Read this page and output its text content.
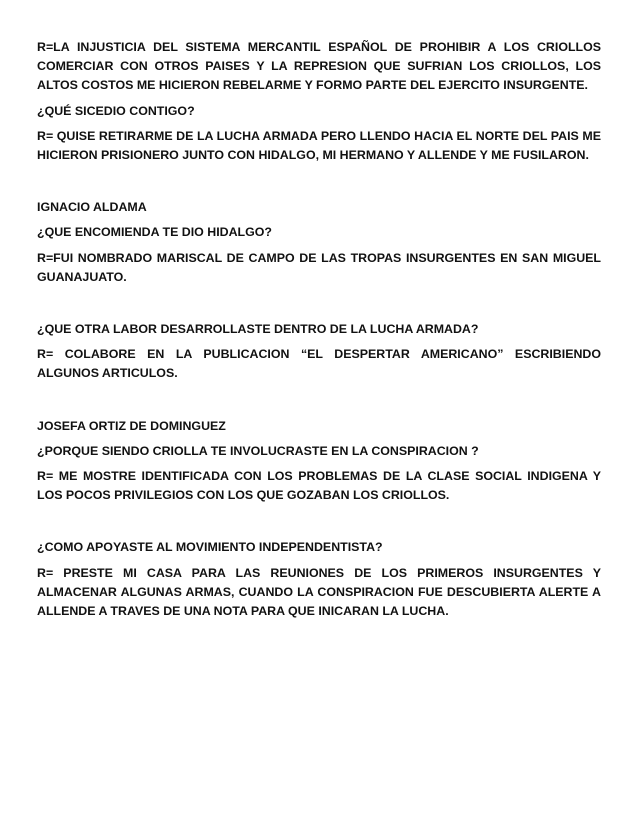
R=LA INJUSTICIA DEL SISTEMA MERCANTIL ESPAÑOL DE PROHIBIR A LOS CRIOLLOS COMERCIAR CON OTROS PAISES Y LA REPRESION QUE SUFRIAN LOS CRIOLLOS, LOS ALTOS COSTOS ME HICIERON REBELARME Y FORMO PARTE DEL EJERCITO INSURGENTE.

¿QUÉ SICEDIO CONTIGO?

R= QUISE RETIRARME DE LA LUCHA ARMADA PERO LLENDO HACIA EL NORTE DEL PAIS ME HICIERON PRISIONERO JUNTO CON HIDALGO, MI HERMANO Y ALLENDE Y ME FUSILARON.

IGNACIO ALDAMA

¿QUE ENCOMIENDA TE DIO HIDALGO?

R=FUI NOMBRADO MARISCAL DE CAMPO DE LAS TROPAS INSURGENTES EN SAN MIGUEL GUANAJUATO.

¿QUE OTRA LABOR DESARROLLASTE DENTRO DE LA LUCHA ARMADA?

R= COLABORE EN LA PUBLICACION “EL DESPERTAR AMERICANO” ESCRIBIENDO ALGUNOS ARTICULOS.

JOSEFA ORTIZ DE DOMINGUEZ

¿PORQUE SIENDO CRIOLLA TE INVOLUCRASTE EN LA CONSPIRACION ?

R= ME MOSTRE IDENTIFICADA CON LOS PROBLEMAS DE LA CLASE SOCIAL INDIGENA Y LOS POCOS PRIVILEGIOS CON LOS QUE GOZABAN LOS CRIOLLOS.

¿COMO APOYASTE AL MOVIMIENTO INDEPENDENTISTA?

R= PRESTE MI CASA PARA LAS REUNIONES DE LOS PRIMEROS INSURGENTES Y ALMACENAR ALGUNAS ARMAS, CUANDO LA CONSPIRACION FUE DESCUBIERTA ALERTE A ALLENDE A TRAVES DE UNA NOTA PARA QUE INICARAN LA LUCHA.
